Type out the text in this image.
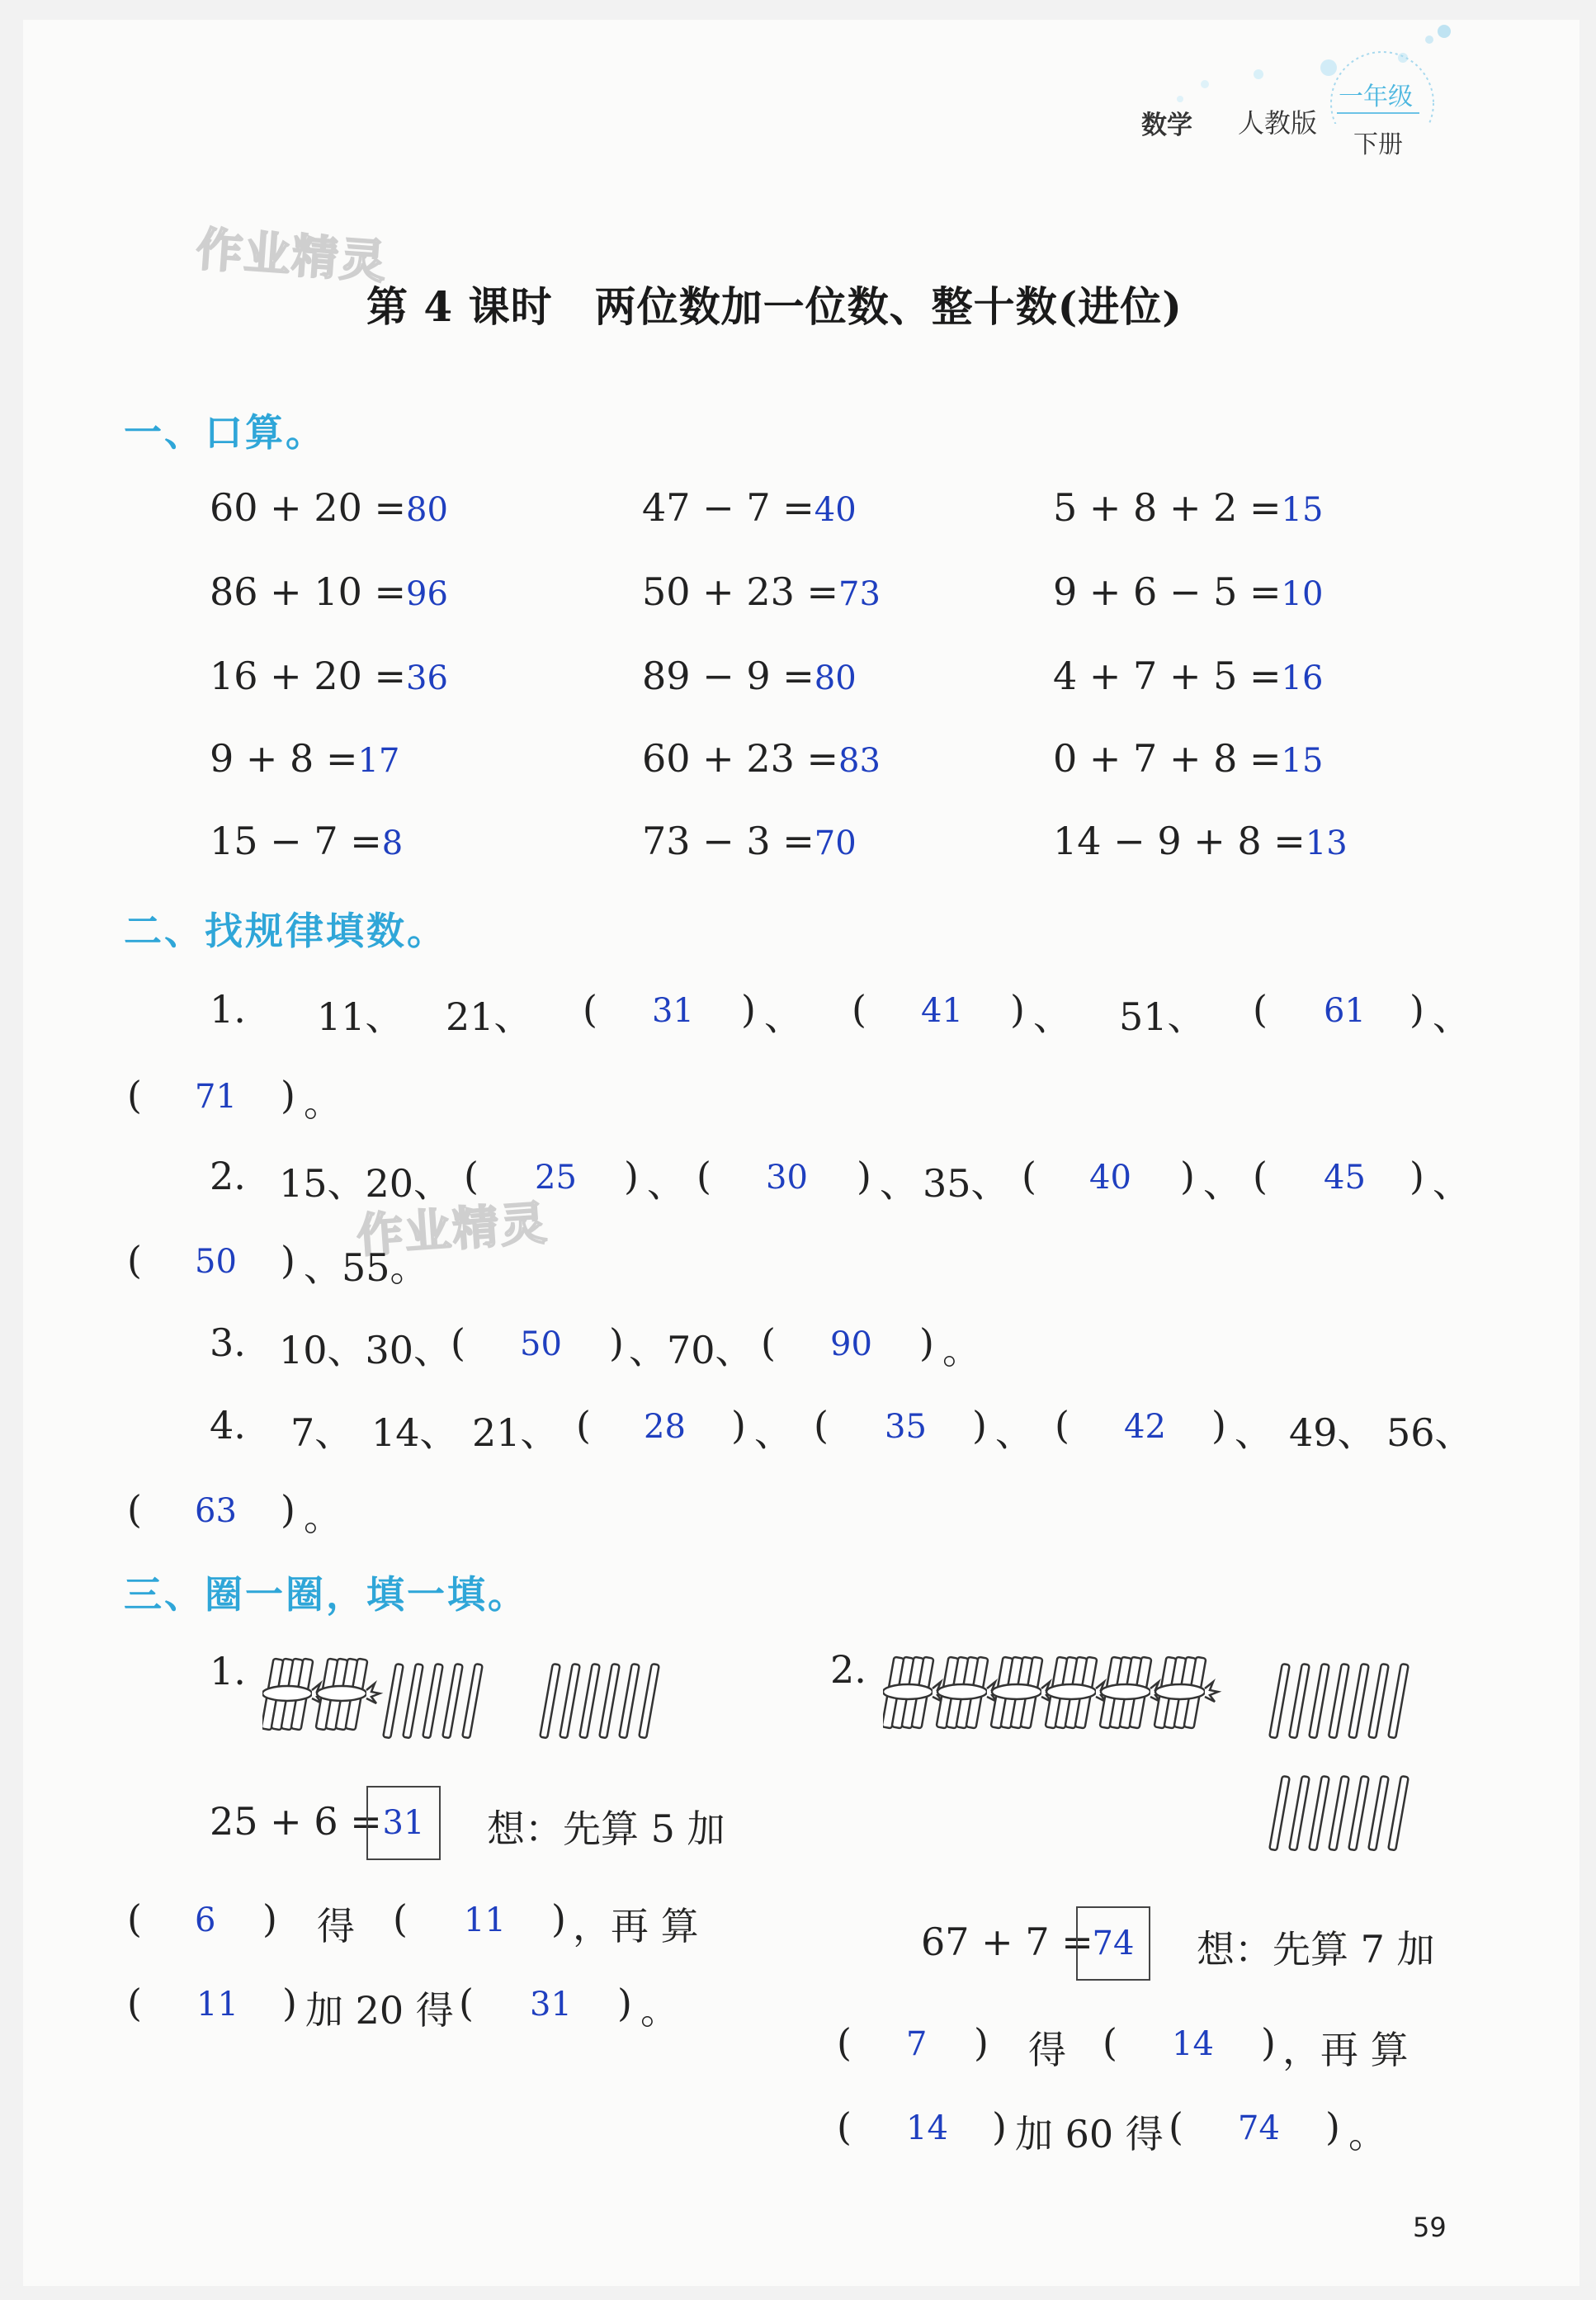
数学 人教版
一年级
下册
作业精灵
作业精灵
第 4 课时　两位数加一位数、整十数(进位)
一、口算。
60 + 20 =80	47 − 7 =40	5 + 8 + 2 =15
86 + 10 =96	50 + 23 =73	9 + 6 − 5 =10
16 + 20 =36	89 − 9 =80	4 + 7 + 5 =16
9 + 8 =17	60 + 23 =83	0 + 7 + 8 =15
15 − 7 =8	73 − 3 =70	14 − 9 + 8 =13
二、找规律填数。
1. 11、 21、 ( 31 ) 、 ( 41 ) 、 51、 ( 61 ) 、
( 71 ) 。
2. 15、20、 ( 25 ) 、 ( 30 ) 、 35、 ( 40 ) 、 ( 45 ) 、
( 50 ) 、55。
3. 10、30、
( 50 ) 、70、 ( 90 ) 。
4. 7、 14、 21、 ( 28 ) 、 ( 35 ) 、 ( 42 ) 、 49、 56、
( 63 ) 。
三、圈一圈，填一填。
1.
25 + 6 = 31	想：先算 5 加
( 6 ) 得 ( 11 ) ，再 算
( 11 ) 加 20 得 ( 31 ) 。
2.
67 + 7 =
74	想：先算 7 加
( 7 ) 得 ( 14 ) ，再 算
( 14 ) 加 60 得 ( 74 ) 。
59
